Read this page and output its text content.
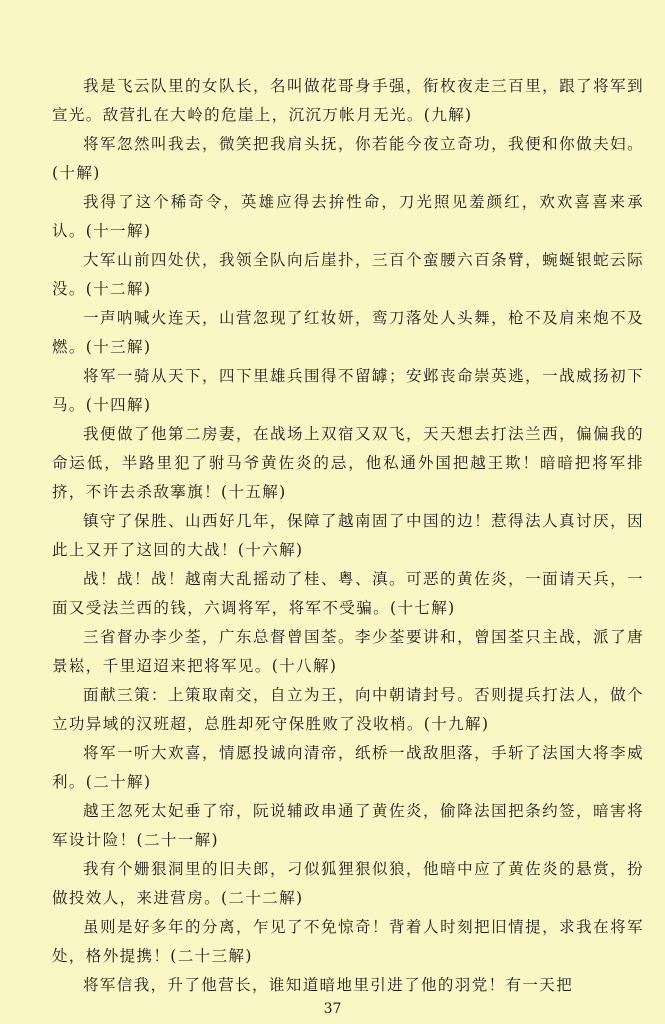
我是飞云队里的女队长，名叫做花哥身手强，衔枚夜走三百里，跟了将军到宣光。敌营扎在大岭的危崖上，沉沉万帐月无光。(九解)

将军忽然叫我去，微笑把我肩头抚，你若能今夜立奇功，我便和你做夫妇。(十解)

我得了这个稀奇令，英雄应得去拚性命，刀光照见羞颜红，欢欢喜喜来承认。(十一解)

大军山前四处伏，我领全队向后崖扑，三百个蛮腰六百条臂，蜿蜒银蛇云际没。(十二解)

一声呐喊火连天，山营忽现了红妆妍，鸾刀落处人头舞，枪不及肩来炮不及燃。(十三解)

将军一骑从天下，四下里雄兵围得不留罅；安邺丧命崇英逃，一战威扬初下马。(十四解)

我便做了他第二房妻，在战场上双宿又双飞，天天想去打法兰西，偏偏我的命运低，半路里犯了驸马爷黄佐炎的忌，他私通外国把越王欺！暗暗把将军排挤，不许去杀敌搴旗！(十五解)

镇守了保胜、山西好几年，保障了越南固了中国的边！惹得法人真讨厌，因此上又开了这回的大战！(十六解)

战！战！战！越南大乱摇动了桂、粤、滇。可恶的黄佐炎，一面请天兵，一面又受法兰西的钱，六调将军，将军不受骗。(十七解)

三省督办李少荃，广东总督曾国荃。李少荃要讲和，曾国荃只主战，派了唐景崧，千里迢迢来把将军见。(十八解)

面献三策：上策取南交，自立为王，向中朝请封号。否则提兵打法人，做个立功异域的汉班超，总胜却死守保胜败了没收梢。(十九解)

将军一听大欢喜，情愿投诚向清帝，纸桥一战敌胆落，手斩了法国大将李威利。(二十解)

越王忽死太妃垂了帘，阮说辅政串通了黄佐炎，偷降法国把条约签，暗害将军设计险！(二十一解)

我有个姗狠洞里的旧夫郎，刁似狐狸狠似狼，他暗中应了黄佐炎的悬赏，扮做投效人，来进营房。(二十二解)

虽则是好多年的分离，乍见了不免惊奇！背着人时刻把旧情提，求我在将军处，格外提携！(二十三解)

将军信我，升了他营长，谁知道暗地里引进了他的羽党！有一天把

37
